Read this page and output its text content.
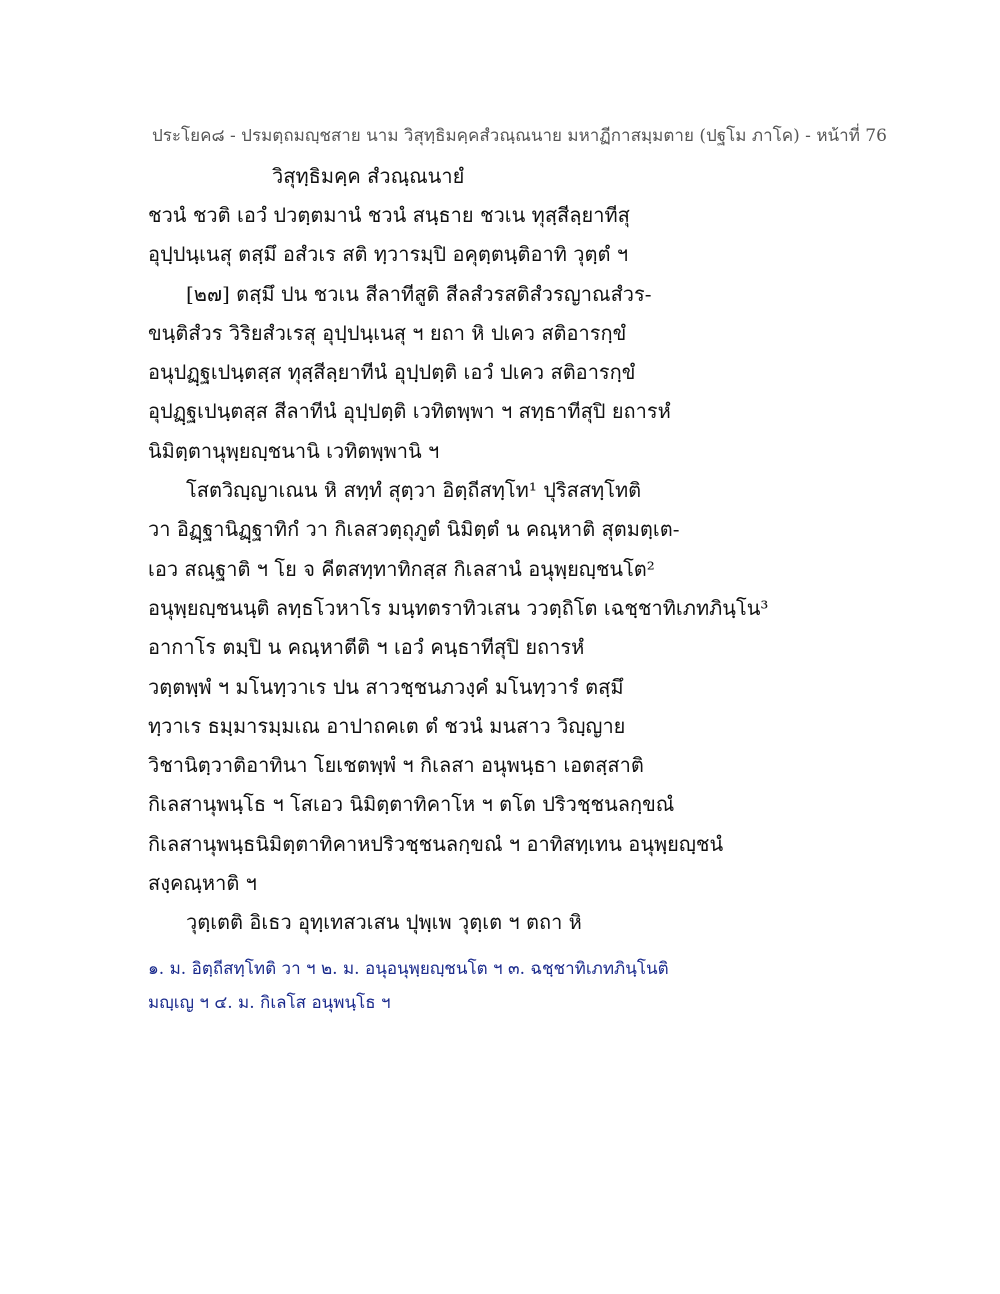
ประโยค๘ - ปรมตฺถมญฺชสาย นาม วิสุทฺธิมคฺคสํวณฺณนาย มหาฏีกาสมฺมตาย (ปฐโม ภาโค) - หน้าที่ 76
วิสุทฺธิมคฺค สํวณฺณนายํ
ชวนํ ชวติ เอวํ ปวตฺตมานํ ชวนํ สนฺธาย ชวเน ทุสฺสีลฺยาทีสุ
อุปฺปนฺเนสุ ตสฺมึ อสํวเร สติ ทฺวารมฺปิ อคุตฺตนฺติอาทิ วุตฺตํ ฯ
[๒๗] ตสฺมึ ปน ชวเน สีลาทีสูติ สีลสํวรสติสํวรญาณสํวร-
ขนฺติสํวร วิริยสํวเรสุ อุปฺปนฺเนสุ ฯ ยถา หิ ปเคว สติอารกฺขํ
อนุปฏฺฐเปนฺตสฺส ทุสฺสีลฺยาทีนํ อุปฺปตฺติ เอวํ ปเคว สติอารกฺขํ
อุปฏฺฐเปนฺตสฺส สีลาทีนํ อุปฺปตฺติ เวทิตพฺพา ฯ สทฺธาทีสุปิ ยถารหํ
นิมิตฺตานุพฺยญฺชนานิ เวทิตพฺพานิ ฯ
โสตวิญฺญาเณน หิ สทฺทํ สุตฺวา อิตฺถีสทฺโท¹ ปุริสสทฺโทติ
วา อิฏฺฐานิฏฺฐาทิกํ วา กิเลสวตฺถุภูตํ นิมิตฺตํ น คณฺหาติ สุตมตฺเต-
เอว สณฺฐาติ ฯ โย จ คีตสทฺทาทิกสฺส กิเลสานํ อนุพฺยญฺชนโต²
อนุพฺยญฺชนนฺติ ลทฺธโวหาโร มนฺทตราทิวเสน ววตฺถิโต เฉชฺชาทิเภทภินฺโน³
อากาโร ตมฺปิ น คณฺหาตีติ ฯ เอวํ คนฺธาทีสุปิ ยถารหํ
วตฺตพฺพํ ฯ มโนทฺวาเร ปน สาวชฺชนภวงฺคํ มโนทฺวารํ ตสฺมึ
ทฺวาเร ธมฺมารมฺมเณ อาปาถคเต ตํ ชวนํ มนสาว วิญฺญาย
วิชานิตฺวาติอาทินา โยเชตพฺพํ ฯ กิเลสา อนุพนฺธา เอตสฺสาติ
กิเลสานุพนฺโธ ฯ โสเอว นิมิตฺตาทิคาโห ฯ ตโต ปริวชฺชนลกฺขณํ
กิเลสานุพนฺธนิมิตฺตาทิคาหปริวชฺชนลกฺขณํ ฯ อาทิสทฺเทน อนุพฺยญฺชนํ
สงฺคณฺหาติ ฯ
วุตฺเตติ อิเธว อุทฺเทสวเสน ปุพฺเพ วุตฺเต ฯ ตถา หิ
๑. ม. อิตฺถีสทฺโทติ วา ฯ ๒. ม. อนุอนุพฺยญฺชนโต ฯ ๓. ฉชฺชาทิเภทภินฺโนติ
มญฺเญ ฯ ๔. ม. กิเลโส อนุพนฺโธ ฯ
